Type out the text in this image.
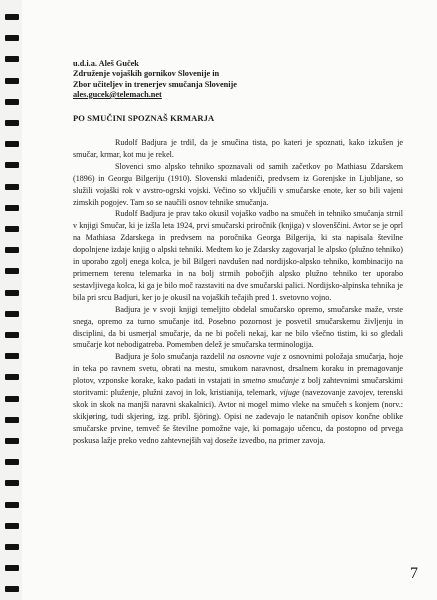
u.d.i.a. Aleš Guček
Združenje vojaških gornikov Slovenije in
Zbor učiteljev in trenerjev smučanja Slovenije
ales.gucek@telemach.net
PO SMUČINI SPOZNAŠ KRMARJA

Rudolf Badjura je trdil, da je smučina tista, po kateri je spoznati, kako izkušen je smučar, krmar, kot mu je rekel.

Slovenci smo alpsko tehniko spoznavali od samih začetkov po Mathiasu Zdarskem (1896) in Georgu Bilgeriju (1910). Slovenski mladeniči, predvsem iz Gorenjske in Ljubljane, so služili vojaški rok v avstro-ogrski vojski. Večino so vključili v smučarske enote, ker so bili vajeni zimskih pogojev. Tam so se naučili osnov tehnike smučanja.

Rudolf Badjura je prav tako okusil vojaško vadbo na smučeh in tehniko smučanja strnil v knjigi Smučar, ki je izšla leta 1924, prvi smučarski priročnik (knjiga) v slovenščini. Avtor se je oprl na Mathiasa Zdarskega in predvsem na poročnika Georga Bilgerija, ki sta napisala številne dopolnjene izdaje knjig o alpski tehniki. Medtem ko je Zdarsky zagovarjal le alpsko (plužno tehniko) in uporabo zgolj enega kolca, je bil Bilgeri navdušen nad nordijsko-alpsko tehniko, kombinacijo na primernem terenu telemarka in na bolj strmih pobočjih alpsko plužno tehniko ter uporabo sestavljivega kolca, ki ga je bilo moč razstaviti na dve smučarski palici. Nordijsko-alpinska tehnika je bila pri srcu Badjuri, ker jo je okusil na vojaških tečajih pred 1. svetovno vojno.

Badjura je v svoji knjigi temeljito obdelal smučarsko opremo, smučarske maže, vrste snega, opremo za turno smučanje itd. Posebno pozornost je posvetil smučarskemu življenju in disciplini, da bi usmerjal smučarje, da ne bi počeli nekaj, kar ne bilo všečno tistim, ki so gledali smučarje kot nebodigatreba. Pomemben delež je smučarska terminologija.

Badjura je šolo smučanja razdelil na osnovne vaje z osnovnimi položaja smučarja, hoje in teka po ravnem svetu, obrati na mestu, smukom naravnost, drsalnem koraku in premagovanje plotov, vzponske korake, kako padati in vstajati in smetno smučanje z bolj zahtevnimi smučarskimi storitvami: pluženje, plužni zavoj in lok, kristianija, telemark, vijuge (navezovanje zavojev, terenski skok in skok na manjši naravni skakalnici). Avtor ni mogel mimo vleke na smučeh s konjem (norv.: skikjøring, tudi skjering, izg. pribl. šjöring). Opisi ne zadevajo le natančnih opisov končne oblike smučarske prvine, temveč še številne pomožne vaje, ki pomagajo učencu, da postopno od prvega poskusa lažje preko vedno zahtevnejših vaj doseže izvedbo, na primer zavoja.

7
